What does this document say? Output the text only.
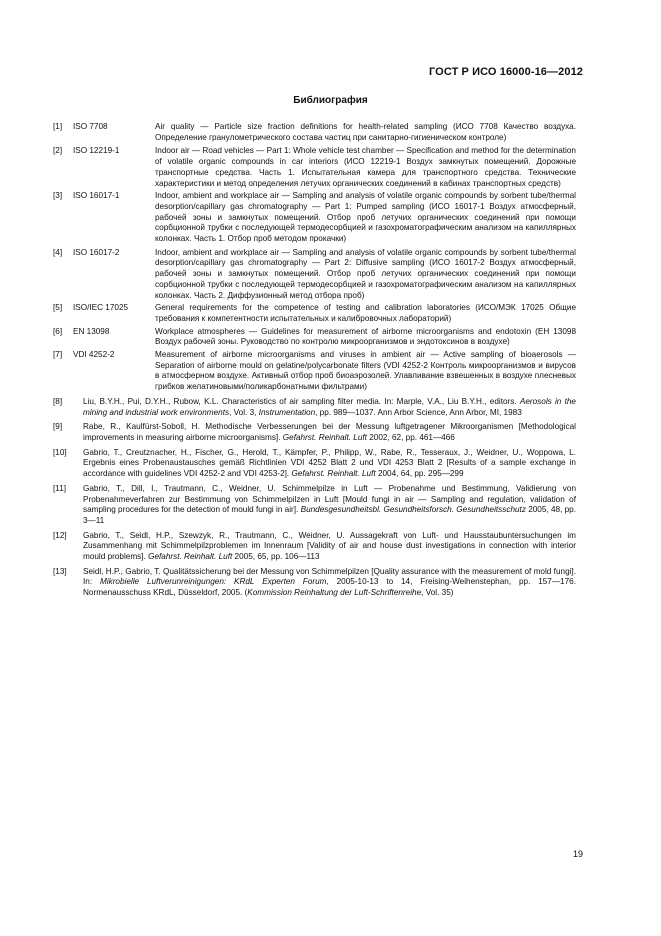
ГОСТ Р ИСО 16000-16—2012
Библиография
[1]	ISO 7708	Air quality — Particle size fraction definitions for health-related sampling (ИСО 7708 Качество воздуха. Определение гранулометрического состава частиц при санитарно-гигиеническом контроле)
[2]	ISO 12219-1	Indoor air — Road vehicles — Part 1: Whole vehicle test chamber — Specification and method for the determination of volatile organic compounds in car interiors (ИСО 12219-1 Воздух замкнутых помещений. Дорожные транспортные средства. Часть 1. Испытательная камера для транспортного средства. Технические характеристики и метод определения летучих органических соединений в кабинах транспортных средств)
[3]	ISO 16017-1	Indoor, ambient and workplace air — Sampling and analysis of volatile organic compounds by sorbent tube/thermal desorption/capillary gas chromatography — Part 1: Pumped sampling (ИСО 16017-1 Воздух атмосферный, рабочей зоны и замкнутых помещений. Отбор проб летучих органических соединений при помощи сорбционной трубки с последующей термодесорбцией и газохроматографическим анализом на капиллярных колонках. Часть 1. Отбор проб методом прокачки)
[4]	ISO 16017-2	Indoor, ambient and workplace air — Sampling and analysis of volatile organic compounds by sorbent tube/thermal desorption/capillary gas chromatography — Part 2: Diffusive sampling (ИСО 16017-2 Воздух атмосферный, рабочей зоны и замкнутых помещений. Отбор проб летучих органических соединений при помощи сорбционной трубки с последующей термодесорбцией и газохроматографическим анализом на капиллярных колонках. Часть 2. Диффузионный метод отбора проб)
[5]	ISO/IEC 17025	General requirements for the competence of testing and calibration laboratories (ИСО/МЭК 17025 Общие требования к компетентности испытательных и калибровочных лабораторий)
[6]	EN 13098	Workplace atmospheres — Guidelines for measurement of airborne microorganisms and endotoxin (ЕН 13098 Воздух рабочей зоны. Руководство по контролю микроорганизмов и эндотоксинов в воздухе)
[7]	VDI 4252-2	Measurement of airborne microorganisms and viruses in ambient air — Active sampling of bioaerosols — Separation of airborne mould on gelatine/polycarbonate filters (VDI 4252-2 Контроль микроорганизмов и вирусов в атмосферном воздухе. Активный отбор проб биоаэрозолей. Улавливание взвешенных в воздухе плесневых грибков желатиновыми/поликарбонатными фильтрами)
[8]	Liu, B.Y.H., Pui, D.Y.H., Rubow, K.L. Characteristics of air sampling filter media. In: Marple, V.A., Liu B.Y.H., editors. Aerosols in the mining and industrial work environments, Vol. 3, Instrumentation, pp. 989—1037. Ann Arbor Science, Ann Arbor, MI, 1983
[9]	Rabe, R., Kaulfürst-Soboll, H. Methodische Verbesserungen bei der Messung luftgetragener Mikroorganismen [Methodological improvements in measuring airborne microorganisms]. Gefahrst. Reinhalt. Luft 2002, 62, pp. 461—466
[10]	Gabrio, T., Creutznacher, H., Fischer, G., Herold, T., Kämpfer, P., Philipp, W., Rabe, R., Tesseraux, J., Weidner, U., Woppowa, L. Ergebnis eines Probenaustausches gemäß Richtlinien VDI 4252 Blatt 2 und VDI 4253 Blatt 2 [Results of a sample exchange in accordance with guidelines VDI 4252-2 and VDI 4253-2]. Gefahrst. Reinhalt. Luft 2004, 64, pp. 295—299
[11]	Gabrio, T., Dill, I., Trautmann, C., Weidner, U. Schimmelpilze in Luft — Probenahme und Bestimmung, Validierung von Probenahmeverfahren zur Bestimmung von Schimmelpilzen in Luft [Mould fungi in air — Sampling and regulation, validation of sampling procedures for the detection of mould fungi in air]. Bundesgesundheitsbl. Gesundheitsforsch. Gesundheitsschutz 2005, 48, pp. 3—11
[12]	Gabrio, T., Seidl, H.P., Szewzyk, R., Trautmann, C., Weidner, U. Aussagekraft von Luft- und Hausstaubuntersuchungen im Zusammenhang mit Schimmelpilzproblemen im Innenraum [Validity of air and house dust investigations in connection with interior mould problems]. Gefahrst. Reinhalt. Luft 2005, 65, pp. 106—113
[13]	Seidl, H.P., Gabrio, T. Qualitätssicherung bei der Messung von Schimmelpilzen [Quality assurance with the measurement of mold fungi]. In: Mikrobielle Luftverunreinigungen: KRdL Experten Forum, 2005-10-13 to 14, Freising-Weihenstephan, pp. 157—176. Normenausschuss KRdL, Düsseldorf, 2005. (Kommission Reinhaltung der Luft-Schriftenreihe, Vol. 35)
19
